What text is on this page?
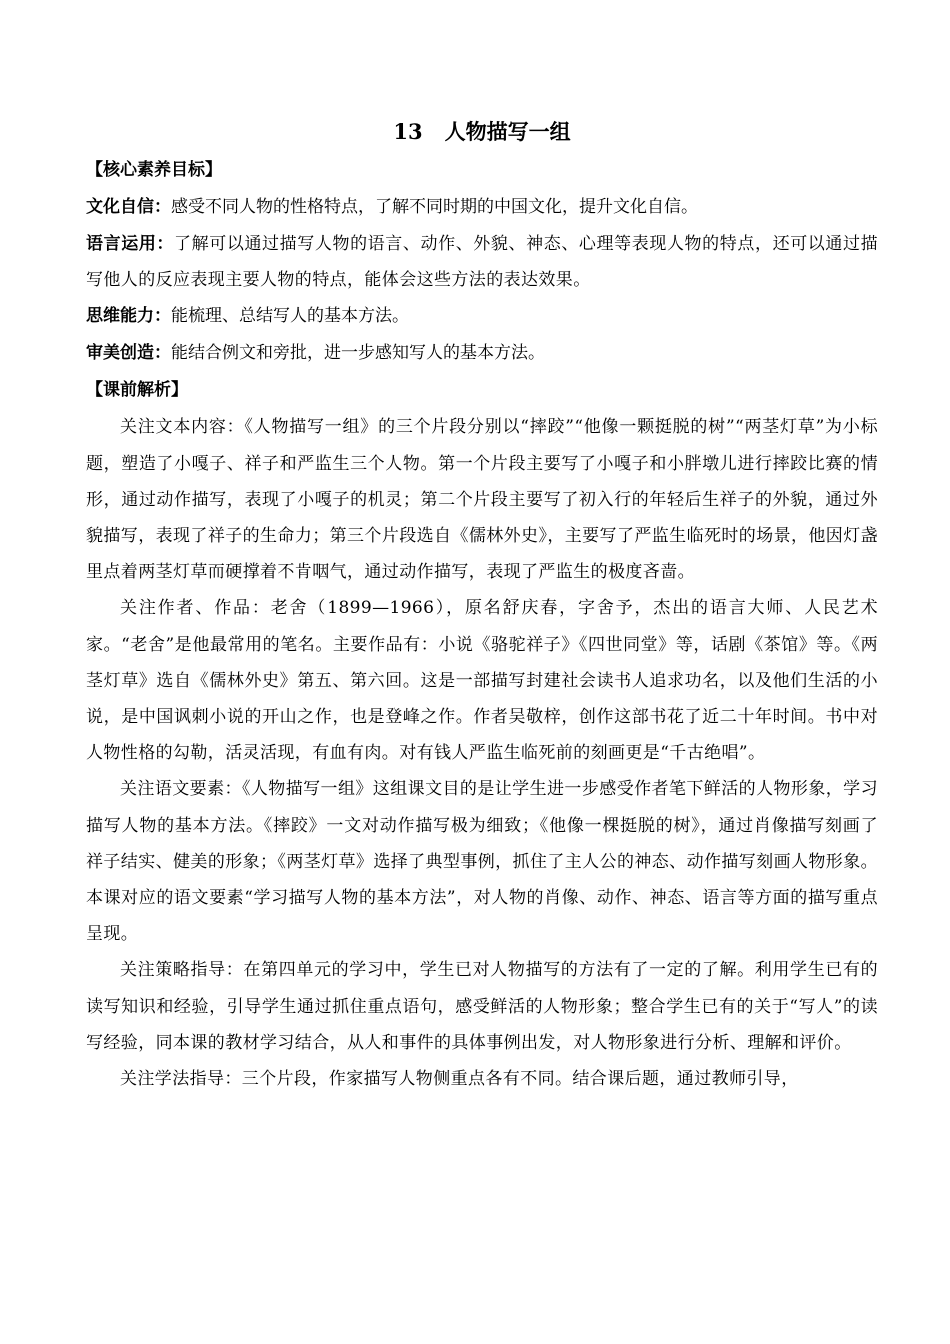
13 人物描写一组

【核心素养目标】

文化自信：感受不同人物的性格特点，了解不同时期的中国文化，提升文化自信。

语言运用：了解可以通过描写人物的语言、动作、外貌、神态、心理等表现人物的特点，还可以通过描写他人的反应表现主要人物的特点，能体会这些方法的表达效果。

思维能力：能梳理、总结写人的基本方法。

审美创造：能结合例文和旁批，进一步感知写人的基本方法。

【课前解析】

关注文本内容：《人物描写一组》的三个片段分别以“摔跤”“他像一颗挺脱的树”“两茎灯草”为小标题，塑造了小嘎子、祥子和严监生三个人物。第一个片段主要写了小嘎子和小胖墩儿进行摔跤比赛的情形，通过动作描写，表现了小嘎子的机灵；第二个片段主要写了初入行的年轻后生祥子的外貌，通过外貌描写，表现了祥子的生命力；第三个片段选自《儒林外史》，主要写了严监生临死时的场景，他因灯盏里点着两茎灯草而硬撑着不肯咽气，通过动作描写，表现了严监生的极度吝啬。

关注作者、作品：老舍（1899—1966），原名舒庆春，字舍予，杰出的语言大师、人民艺术家。“老舍”是他最常用的笔名。主要作品有：小说《骆驼祥子》《四世同堂》等，话剧《茶馆》等。《两茎灯草》选自《儒林外史》第五、第六回。这是一部描写封建社会读书人追求功名，以及他们生活的小说，是中国讽刺小说的开山之作，也是登峰之作。作者吴敬梓，创作这部书花了近二十年时间。书中对人物性格的勾勒，活灵活现，有血有肉。对有钱人严监生临死前的刻画更是“千古绝唱”。

关注语文要素：《人物描写一组》这组课文目的是让学生进一步感受作者笔下鲜活的人物形象，学习描写人物的基本方法。《摔跤》一文对动作描写极为细致；《他像一棵挺脱的树》，通过肖像描写刻画了祥子结实、健美的形象；《两茎灯草》选择了典型事例，抓住了主人公的神态、动作描写刻画人物形象。本课对应的语文要素“学习描写人物的基本方法”，对人物的肖像、动作、神态、语言等方面的描写重点呈现。

关注策略指导：在第四单元的学习中，学生已对人物描写的方法有了一定的了解。利用学生已有的读写知识和经验，引导学生通过抓住重点语句，感受鲜活的人物形象；整合学生已有的关于“写人”的读写经验，同本课的教材学习结合，从人和事件的具体事例出发，对人物形象进行分析、理解和评价。

关注学法指导：三个片段，作家描写人物侧重点各有不同。结合课后题，通过教师引导，
